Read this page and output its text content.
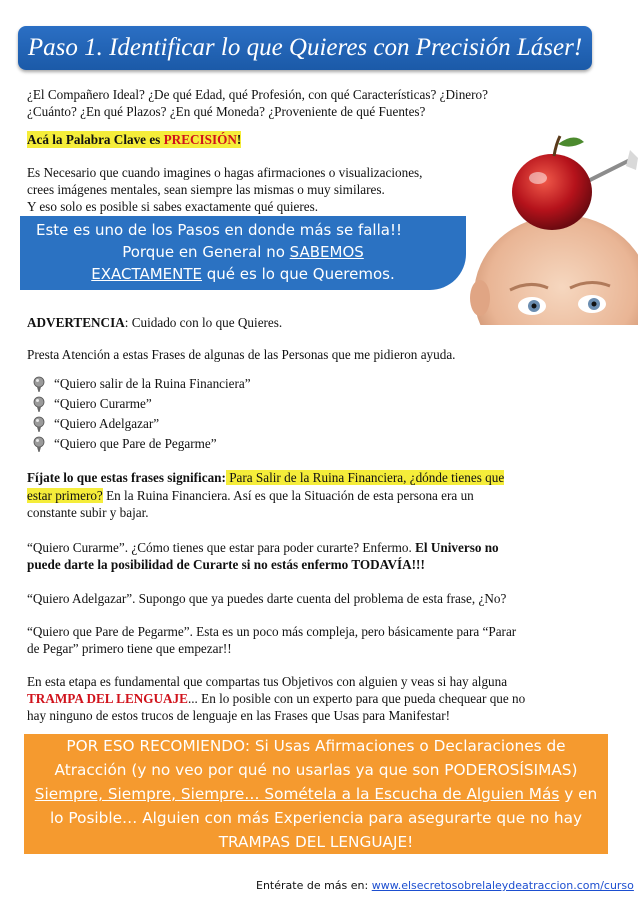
Paso 1. Identificar lo que Quieres con Precisión Láser!

¿El Compañero Ideal? ¿De qué Edad, qué Profesión, con qué Características? ¿Dinero?

¿Cuánto? ¿En qué Plazos? ¿En qué Moneda? ¿Proveniente de qué Fuentes?

Acá la Palabra Clave es PRECISIÓN!

Es Necesario que cuando imagines o hagas afirmaciones o visualizaciones,

crees imágenes mentales, sean siempre las mismas o muy similares.

Y eso solo es posible si sabes exactamente qué quieres.

Este es uno de los Pasos en donde más se falla!!
Porque en General no SABEMOS
EXACTAMENTE qué es lo que Queremos.

ADVERTENCIA: Cuidado con lo que Quieres.

Presta Atención a estas Frases de algunas de las Personas que me pidieron ayuda.

“Quiero salir de la Ruina Financiera”
“Quiero Curarme”
“Quiero Adelgazar”
“Quiero que Pare de Pegarme”

Fíjate lo que estas frases significan: Para Salir de la Ruina Financiera, ¿dónde tienes que

estar primero? En la Ruina Financiera. Así es que la Situación de esta persona era un

constante subir y bajar.

“Quiero Curarme”. ¿Cómo tienes que estar para poder curarte? Enfermo. El Universo no

puede darte la posibilidad de Curarte si no estás enfermo TODAVÍA!!!

“Quiero Adelgazar”. Supongo que ya puedes darte cuenta del problema de esta frase, ¿No?

“Quiero que Pare de Pegarme”. Esta es un poco más compleja, pero básicamente para “Parar

de Pegar” primero tiene que empezar!!

En esta etapa es fundamental que compartas tus Objetivos con alguien y veas si hay alguna

TRAMPA DEL LENGUAJE... En lo posible con un experto para que pueda chequear que no

hay ninguno de estos trucos de lenguaje en las Frases que Usas para Manifestar!

POR ESO RECOMIENDO: Si Usas Afirmaciones o Declaraciones de
Atracción (y no veo por qué no usarlas ya que son PODEROSÍSIMAS)
Siempre, Siempre, Siempre… Sométela a la Escucha de Alguien Más y en
lo Posible… Alguien con más Experiencia para asegurarte que no hay
TRAMPAS DEL LENGUAJE!
Entérate de más en: www.elsecretosobrelaleydeatraccion.com/curso
